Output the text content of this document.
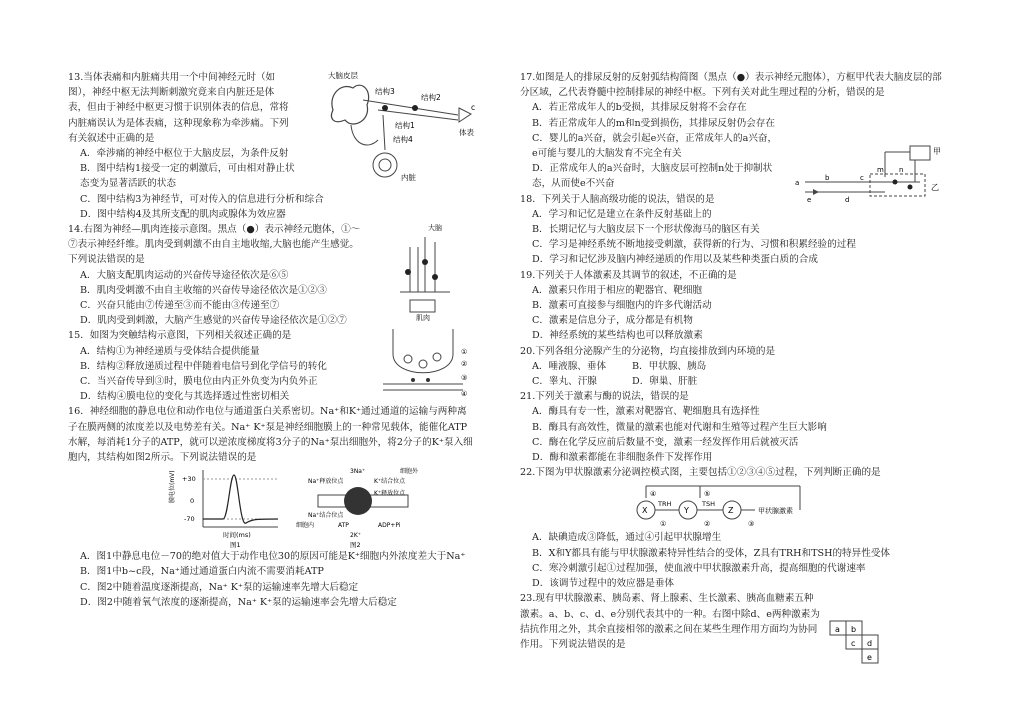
13.当体表痛和内脏痛共用一个中间神经元时（如图），神经中枢无法判断刺激究竟来自内脏还是体表，但由于神经中枢更习惯于识别体表的信息，常将内脏痛误认为是体表痛，这种现象称为牵涉痛。下列有关叙述中正确的是
A．牵涉痛的神经中枢位于大脑皮层，为条件反射
B．图中结构1接受一定的刺激后，可由相对静止状态变为显著活跃的状态
C．图中结构3为神经节，可对传入的信息进行分析和综合
D．图中结构4及其所支配的肌肉或腺体为效应器
大脑皮层
结构3
结构2
结构1
结构4
c
体表
内脏
14.右图为神经—肌肉连接示意图。黑点（●）表示神经元胞体，①～⑦表示神经纤维。肌肉受到刺激不由自主地收缩,大脑也能产生感觉。下列说法错误的是
A．大脑支配肌肉运动的兴奋传导途径依次是⑥⑤
B．肌肉受刺激不由自主收缩的兴奋传导途径依次是①②③
C．兴奋只能由⑦传递至③而不能由③传递至⑦
D．肌肉受到刺激，大脑产生感觉的兴奋传导途径依次是①②⑦
大脑
肌肉
15．如图为突触结构示意图，下列相关叙述正确的是
A．结构①为神经递质与受体结合提供能量
B．结构②释放递质过程中伴随着电信号到化学信号的转化
C．当兴奋传导到③时，膜电位由内正外负变为内负外正
D．结构④膜电位的变化与其选择透过性密切相关
①
②
③
④
16．神经细胞的静息电位和动作电位与通道蛋白关系密切。Na⁺和K⁺通过通道的运输与两种离子在膜两侧的浓度差以及电势差有关。Na⁺ K⁺泵是神经细胞膜上的一种常见载体，能催化ATP水解，每消耗1分子的ATP，就可以逆浓度梯度将3分子的Na⁺泵出细胞外，将2分子的K⁺泵入细胞内，其结构如图2所示。下列说法错误的是
膜电位(mV) +30
0
-70
时间(ms)
图1
3Na⁺
Na⁺释放位点	K⁺结合位点
K⁺释放位点
Na⁺结合位点
细胞内	ATP	ADP+Pi
2K⁺
细胞外
图2
A．图1中静息电位－70的绝对值大于动作电位30的原因可能是K⁺细胞内外浓度差大于Na⁺
B．图1中b~c段，Na⁺通过通道蛋白内流不需要消耗ATP
C．图2中随着温度逐渐提高，Na⁺ K⁺泵的运输速率先增大后稳定
D．图2中随着氧气浓度的逐渐提高，Na⁺ K⁺泵的运输速率会先增大后稳定
17.如图是人的排尿反射的反射弧结构简图（黑点（●）表示神经元胞体），方框甲代表大脑皮层的部分区域，乙代表脊髓中控制排尿的神经中枢。下列有关对此生理过程的分析，错误的是
A．若正常成年人的b受损，其排尿反射将不会存在
B．若正常成年人的m和n受到损伤，其排尿反射仍会存在
C．婴儿的a兴奋，就会引起e兴奋，正常成年人的a兴奋，e可能与婴儿的大脑发育不完全有关
D．正常成年人的a兴奋时，大脑皮层可控制n处于抑制状态，从而使e不兴奋
甲
乙
m n
a
b	c
d
e
18．下列关于人脑高级功能的说法，错误的是
A．学习和记忆是建立在条件反射基础上的
B．长期记忆与大脑皮层下一个形状像海马的脑区有关
C．学习是神经系统不断地接受刺激，获得新的行为、习惯和积累经验的过程
D．学习和记忆涉及脑内神经递质的作用以及某些种类蛋白质的合成
19.下列关于人体激素及其调节的叙述，不正确的是
A．激素只作用于相应的靶器官、靶细胞
B．激素可直接参与细胞内的许多代谢活动
C．激素是信息分子，成分都是有机物
D．神经系统的某些结构也可以释放激素
20.下列各组分泌腺产生的分泌物，均直接排放到内环境的是
A．唾液腺、垂体	B．甲状腺、胰岛
C．睾丸、汗腺	D．卵巢、肝脏
21.下列关于激素与酶的说法，错误的是
A．酶具有专一性，激素对靶器官、靶细胞具有选择性
B．酶具有高效性，微量的激素也能对代谢和生殖等过程产生巨大影响
C．酶在化学反应前后数量不变，激素一经发挥作用后就被灭活
D．酶和激素都能在非细胞条件下发挥作用
22.下图为甲状腺激素分泌调控模式图，主要包括①②③④⑤过程，下列判断正确的是
X	Y	Z
TRH	TSH
甲状腺激素
①	②	③
④	⑤
A．缺碘造成③降低，通过④引起甲状腺增生
B．X和Y都具有能与甲状腺激素特异性结合的受体，Z具有TRH和TSH的特异性受体
C．寒冷刺激引起①过程加强，使血液中甲状腺激素升高，提高细胞的代谢速率
D．该调节过程中的效应器是垂体
23.现有甲状腺激素、胰岛素、肾上腺素、生长激素、胰高血糖素五种激素。a、b、c、d、e分别代表其中的一种。右图中除d、e两种激素为拮抗作用之外，其余直接相邻的激素之间在某些生理作用方面均为协同作用。下列说法错误的是
a b
c d
e
